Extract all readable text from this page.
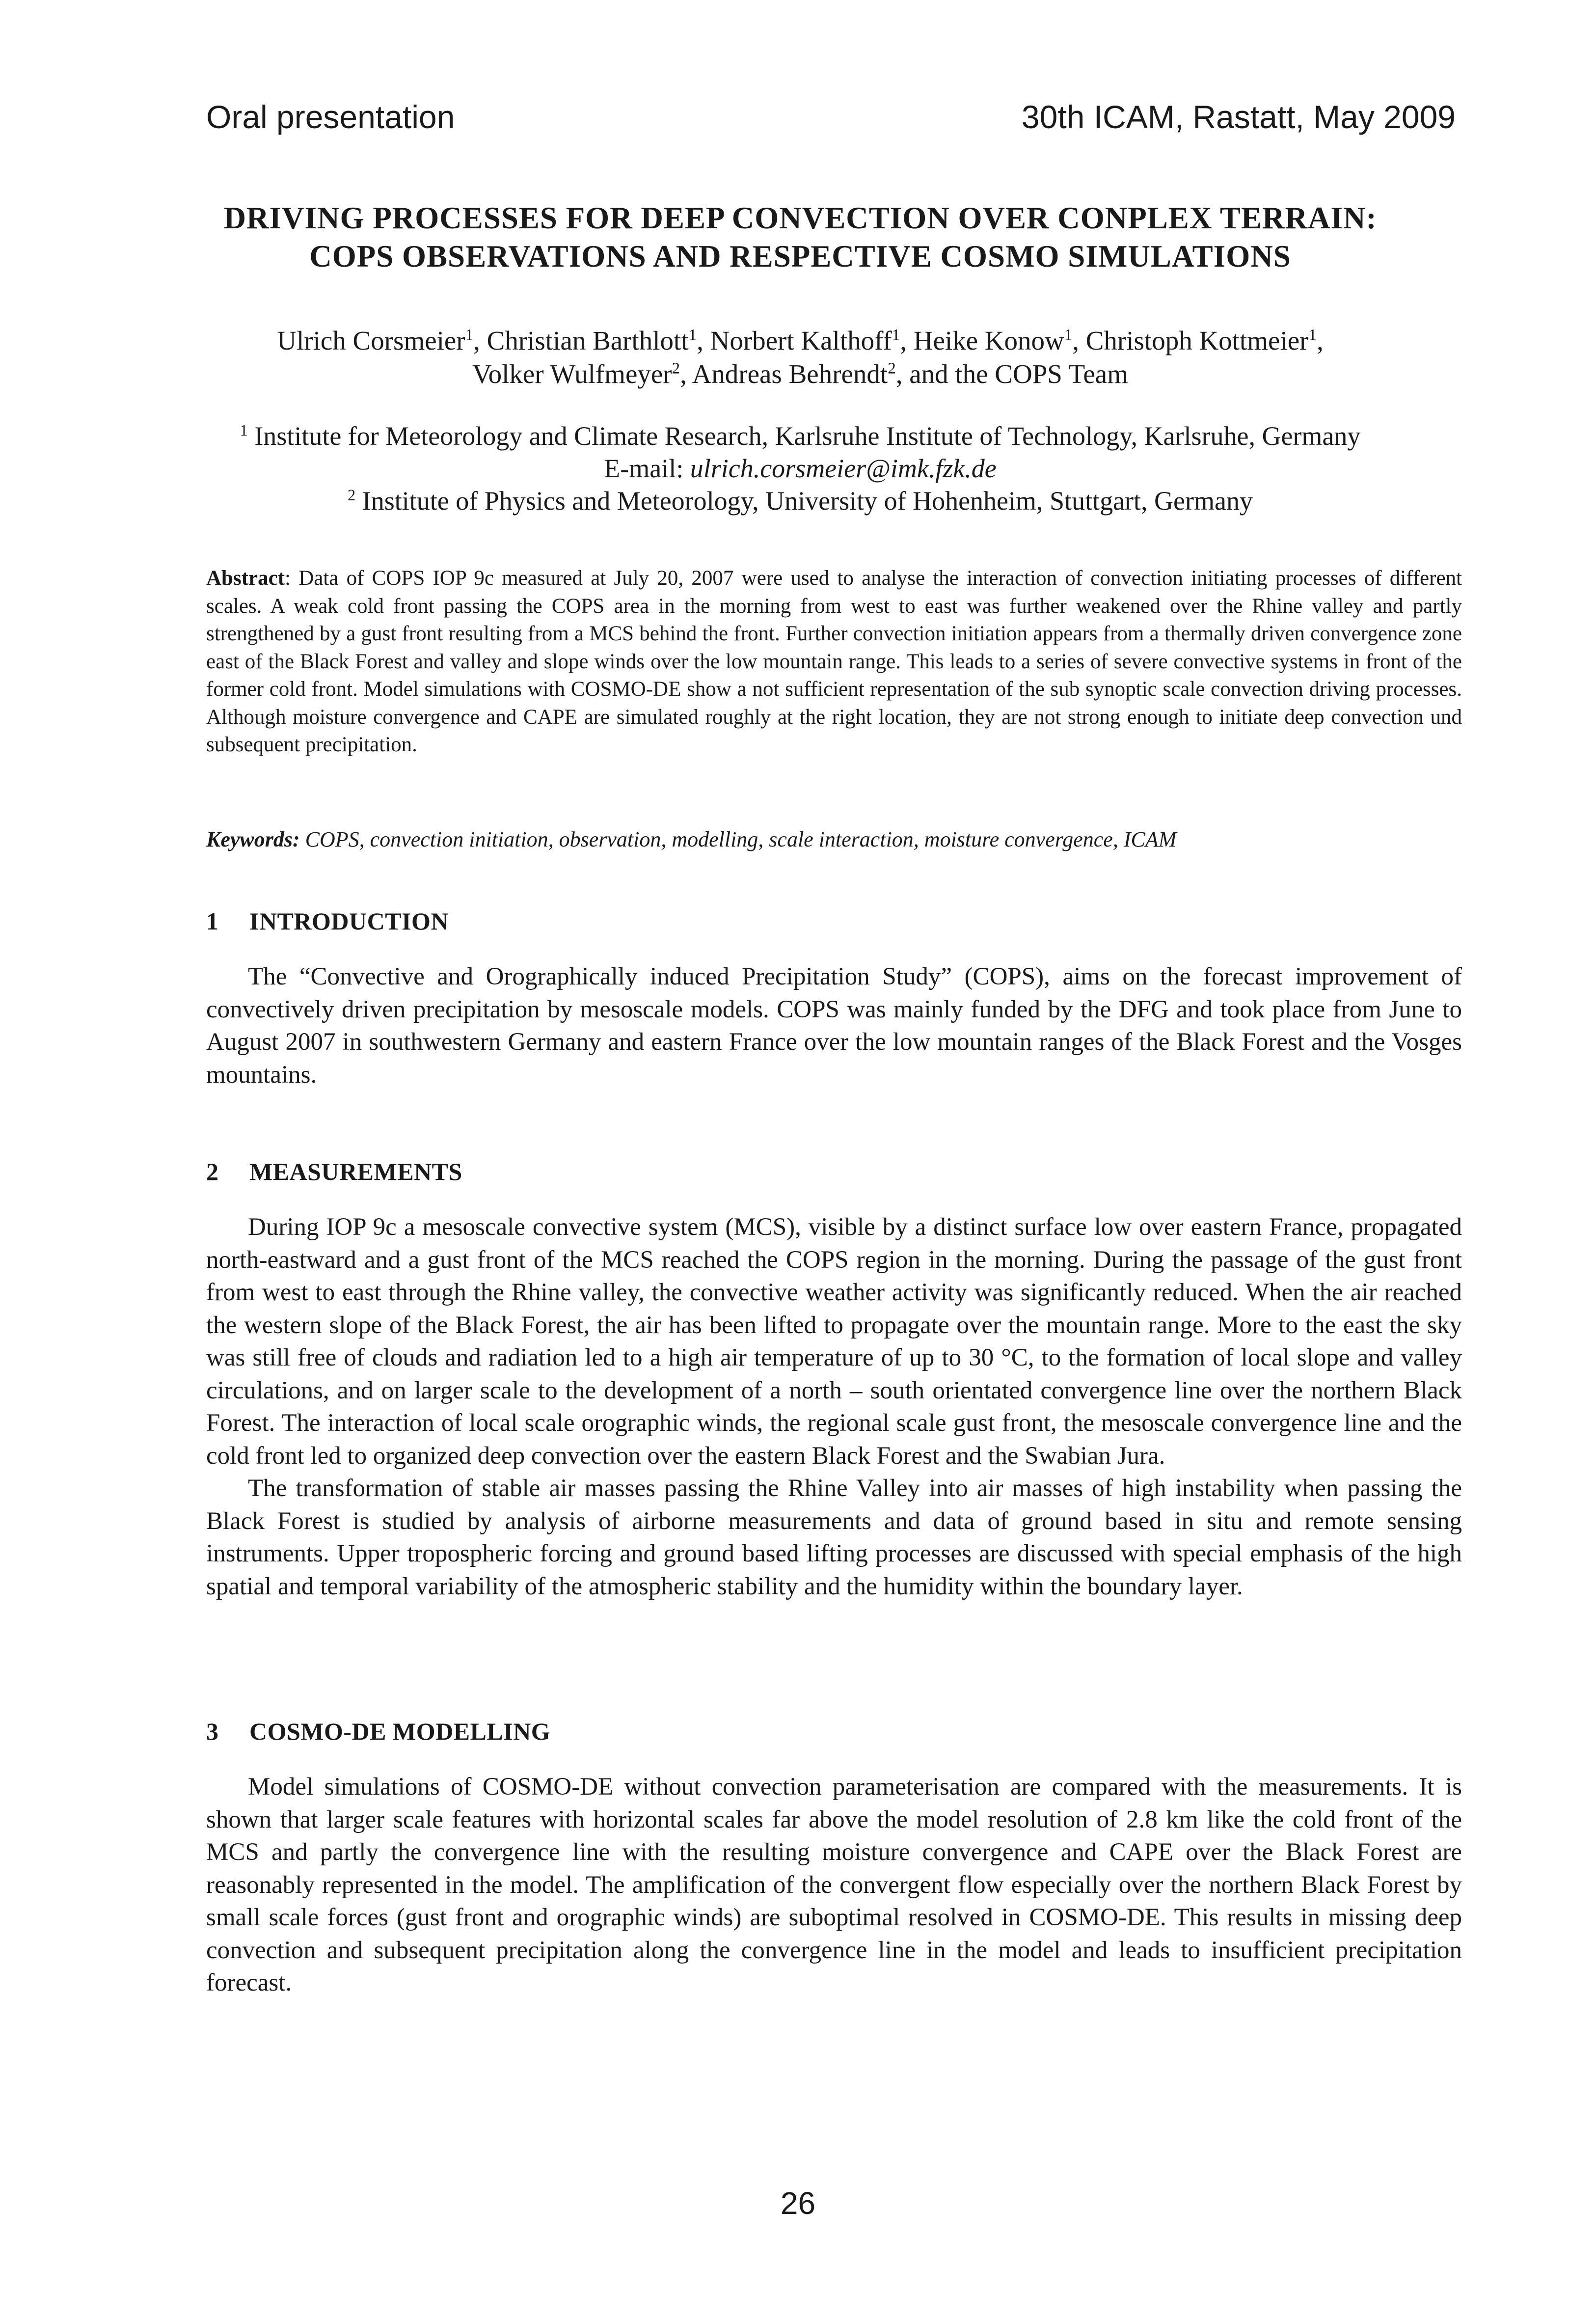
Oral presentation	30th ICAM, Rastatt, May 2009
DRIVING PROCESSES FOR DEEP CONVECTION OVER CONPLEX TERRAIN:
COPS OBSERVATIONS AND RESPECTIVE COSMO SIMULATIONS
Ulrich Corsmeier$^1$, Christian Barthlott$^1$, Norbert Kalthoff$^1$, Heike Konow$^1$, Christoph Kottmeier$^1$,
Volker Wulfmeyer$^2$, Andreas Behrendt$^2$, and the COPS Team
$^1$ Institute for Meteorology and Climate Research, Karlsruhe Institute of Technology, Karlsruhe, Germany
E-mail: ulrich.corsmeier@imk.fzk.de
$^2$ Institute of Physics and Meteorology, University of Hohenheim, Stuttgart, Germany
Abstract: Data of COPS IOP 9c measured at July 20, 2007 were used to analyse the interaction of convection initiating processes of different scales. A weak cold front passing the COPS area in the morning from west to east was further weakened over the Rhine valley and partly strengthened by a gust front resulting from a MCS behind the front. Further convection initiation appears from a thermally driven convergence zone east of the Black Forest and valley and slope winds over the low mountain range. This leads to a series of severe convective systems in front of the former cold front. Model simulations with COSMO-DE show a not sufficient representation of the sub synoptic scale convection driving processes. Although moisture convergence and CAPE are simulated roughly at the right location, they are not strong enough to initiate deep convection und subsequent precipitation.
Keywords: COPS, convection initiation, observation, modelling, scale interaction, moisture convergence, ICAM
1 INTRODUCTION

The “Convective and Orographically induced Precipitation Study” (COPS), aims on the forecast improvement of convectively driven precipitation by mesoscale models. COPS was mainly funded by the DFG and took place from June to August 2007 in southwestern Germany and eastern France over the low mountain ranges of the Black Forest and the Vosges mountains.

2 MEASUREMENTS

During IOP 9c a mesoscale convective system (MCS), visible by a distinct surface low over eastern France, propagated north-eastward and a gust front of the MCS reached the COPS region in the morning. During the passage of the gust front from west to east through the Rhine valley, the convective weather activity was significantly reduced. When the air reached the western slope of the Black Forest, the air has been lifted to propagate over the mountain range. More to the east the sky was still free of clouds and radiation led to a high air temperature of up to 30 °C, to the formation of local slope and valley circulations, and on larger scale to the development of a north – south orientated convergence line over the northern Black Forest. The interaction of local scale orographic winds, the regional scale gust front, the mesoscale convergence line and the cold front led to organized deep convection over the eastern Black Forest and the Swabian Jura.

The transformation of stable air masses passing the Rhine Valley into air masses of high instability when passing the Black Forest is studied by analysis of airborne measurements and data of ground based in situ and remote sensing instruments. Upper tropospheric forcing and ground based lifting processes are discussed with special emphasis of the high spatial and temporal variability of the atmospheric stability and the humidity within the boundary layer.

3 COSMO-DE MODELLING

Model simulations of COSMO-DE without convection parameterisation are compared with the measurements. It is shown that larger scale features with horizontal scales far above the model resolution of 2.8 km like the cold front of the MCS and partly the convergence line with the resulting moisture convergence and CAPE over the Black Forest are reasonably represented in the model. The amplification of the convergent flow especially over the northern Black Forest by small scale forces (gust front and orographic winds) are suboptimal resolved in COSMO-DE. This results in missing deep convection and subsequent precipitation along the convergence line in the model and leads to insufficient precipitation forecast.

26
